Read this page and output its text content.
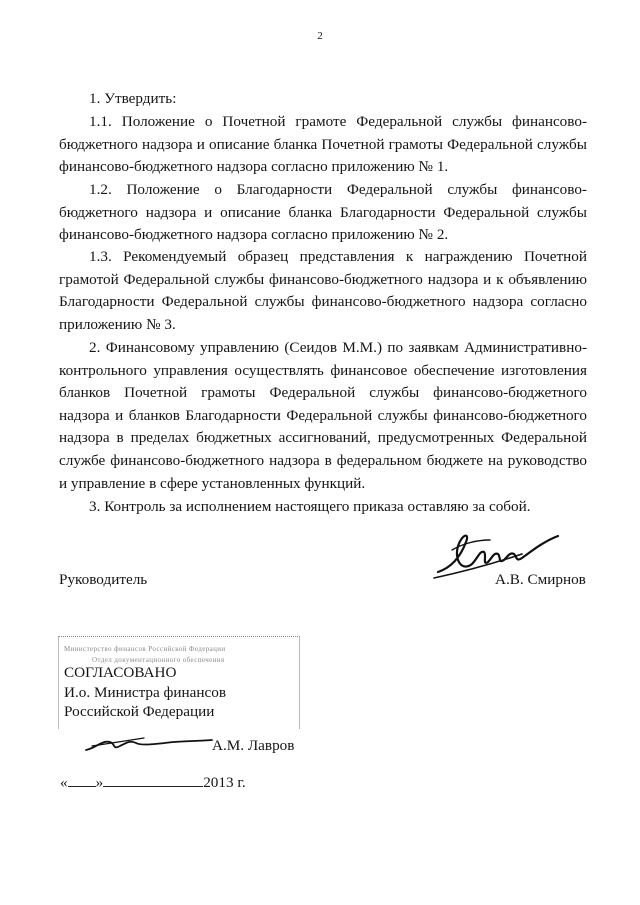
2

1. Утвердить:

1.1. Положение о Почетной грамоте Федеральной службы финансово-бюджетного надзора и описание бланка Почетной грамоты Федеральной службы финансово-бюджетного надзора согласно приложению № 1.

1.2. Положение о Благодарности Федеральной службы финансово-бюджетного надзора и описание бланка Благодарности Федеральной службы финансово-бюджетного надзора согласно приложению № 2.

1.3. Рекомендуемый образец представления к награждению Почетной грамотой Федеральной службы финансово-бюджетного надзора и к объявлению Благодарности Федеральной службы финансово-бюджетного надзора согласно приложению № 3.

2. Финансовому управлению (Сеидов М.М.) по заявкам Административно-контрольного управления осуществлять финансовое обеспечение изготовления бланков Почетной грамоты Федеральной службы финансово-бюджетного надзора и бланков Благодарности Федеральной службы финансово-бюджетного надзора в пределах бюджетных ассигнований, предусмотренных Федеральной службе финансово-бюджетного надзора в федеральном бюджете на руководство и управление в сфере установленных функций.

3. Контроль за исполнением настоящего приказа оставляю за собой.

Руководитель	А.В. Смирнов
Министерство финансов Российской Федерации
Отдел документационного обеспечения
СОГЛАСОВАНО
И.о. Министра финансов
Российской Федерации
А.М. Лавров
« »	2013 г.
